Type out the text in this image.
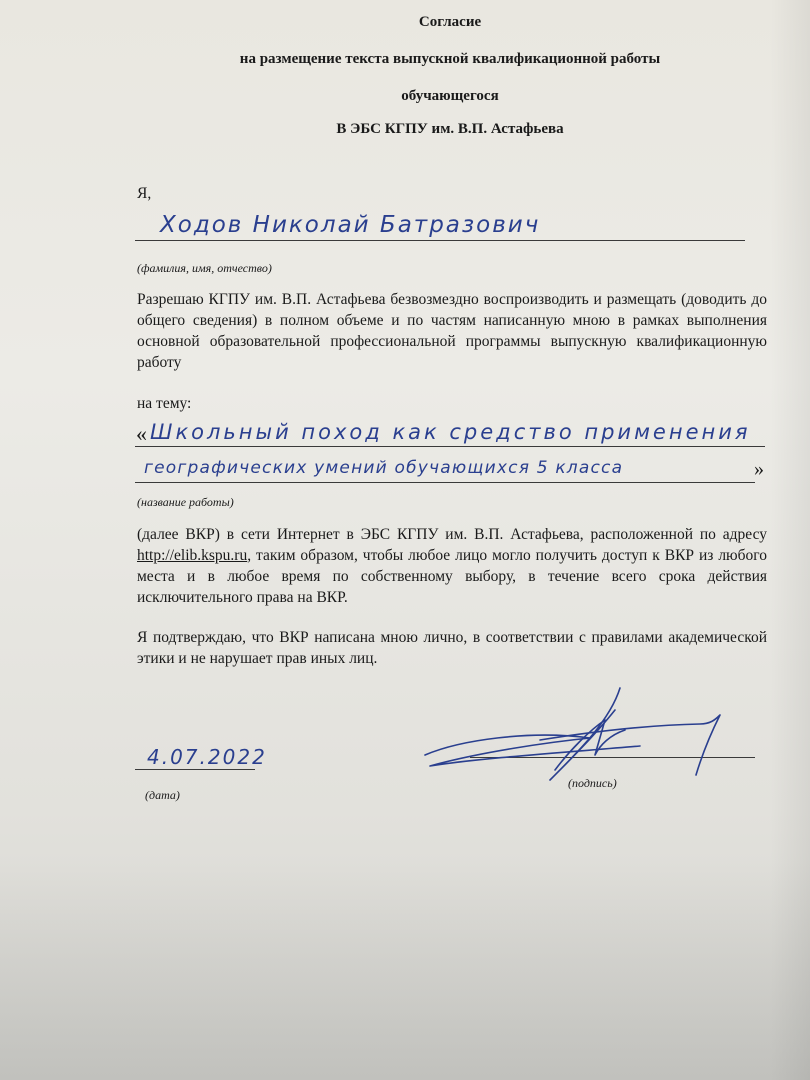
Согласие
на размещение текста выпускной квалификационной работы
обучающегося
В ЭБС КГПУ им. В.П. Астафьева
Я,
Ходов Николай Батразович
(фамилия, имя, отчество)
Разрешаю КГПУ им. В.П. Астафьева безвозмездно воспроизводить и размещать (доводить до общего сведения) в полном объеме и по частям написанную мною в рамках выполнения основной образовательной профессиональной программы выпускную квалификационную работу
на тему:
« Школьный поход как средство применения
географических умений обучающихся 5 класса	»
(название работы)
(далее ВКР) в сети Интернет в ЭБС КГПУ им. В.П. Астафьева, расположенной по адресу http://elib.kspu.ru, таким образом, чтобы любое лицо могло получить доступ к ВКР из любого места и в любое время по собственному выбору, в течение всего срока действия исключительного права на ВКР.
Я подтверждаю, что ВКР написана мною лично, в соответствии с правилами академической этики и не нарушает прав иных лиц.
4.07.2022
(дата)
(подпись)
